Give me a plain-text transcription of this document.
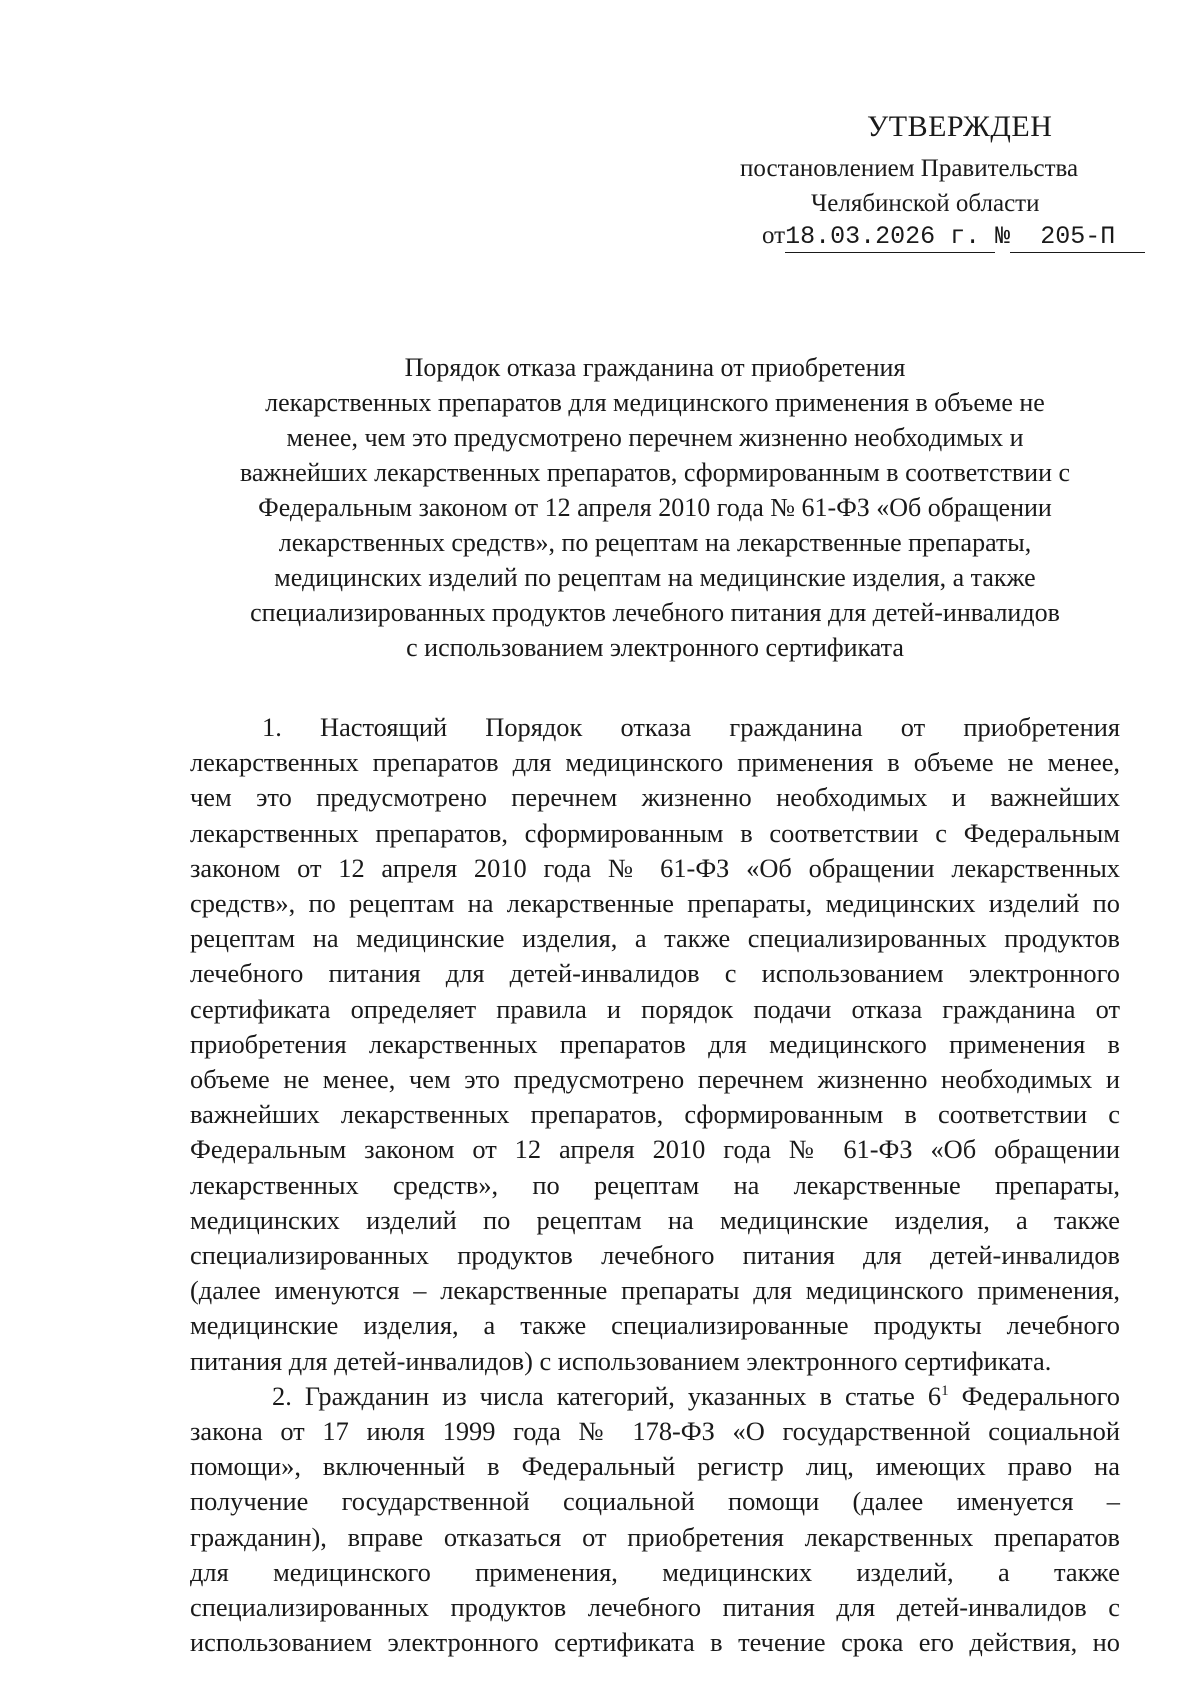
УТВЕРЖДЕН
постановлением Правительства
Челябинской области
от18.03.2026 г. № 205-П
Порядок отказа гражданина от приобретения
лекарственных препаратов для медицинского применения в объеме не
менее, чем это предусмотрено перечнем жизненно необходимых и
важнейших лекарственных препаратов, сформированным в соответствии с
Федеральным законом от 12 апреля 2010 года № 61-ФЗ «Об обращении
лекарственных средств», по рецептам на лекарственные препараты,
медицинских изделий по рецептам на медицинские изделия, а также
специализированных продуктов лечебного питания для детей-инвалидов
с использованием электронного сертификата
1. Настоящий Порядок отказа гражданина от приобретения
лекарственных препаратов для медицинского применения в объеме не менее,
чем это предусмотрено перечнем жизненно необходимых и важнейших
лекарственных препаратов, сформированным в соответствии с Федеральным
законом от 12 апреля 2010 года № 61-ФЗ «Об обращении лекарственных
средств», по рецептам на лекарственные препараты, медицинских изделий по
рецептам на медицинские изделия, а также специализированных продуктов
лечебного питания для детей-инвалидов с использованием электронного
сертификата определяет правила и порядок подачи отказа гражданина от
приобретения лекарственных препаратов для медицинского применения в
объеме не менее, чем это предусмотрено перечнем жизненно необходимых и
важнейших лекарственных препаратов, сформированным в соответствии с
Федеральным законом от 12 апреля 2010 года № 61-ФЗ «Об обращении
лекарственных средств», по рецептам на лекарственные препараты,
медицинских изделий по рецептам на медицинские изделия, а также
специализированных продуктов лечебного питания для детей-инвалидов
(далее именуются – лекарственные препараты для медицинского применения,
медицинские изделия, а также специализированные продукты лечебного
питания для детей-инвалидов) с использованием электронного сертификата.
2. Гражданин из числа категорий, указанных в статье $6^1$ Федерального
закона от 17 июля 1999 года № 178-ФЗ «О государственной социальной
помощи», включенный в Федеральный регистр лиц, имеющих право на
получение государственной социальной помощи (далее именуется –
гражданин), вправе отказаться от приобретения лекарственных препаратов
для медицинского применения, медицинских изделий, а также
специализированных продуктов лечебного питания для детей-инвалидов с
использованием электронного сертификата в течение срока его действия, но
